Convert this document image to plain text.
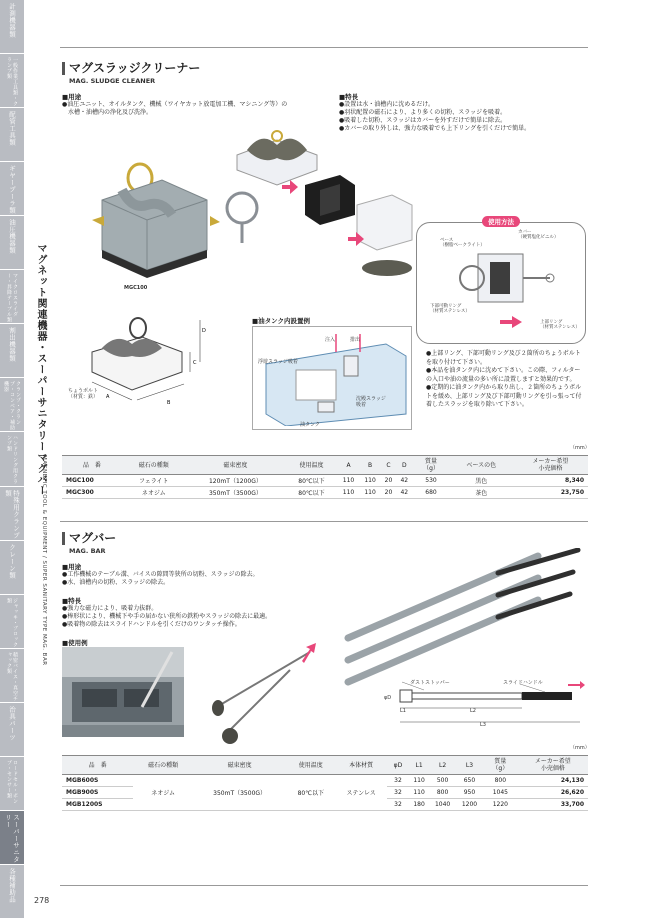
計測機器類
一般作業工具類・クランプ類
配管工具類
ギヤープーラ類
油圧機器類
マイクロスライダー・昇降テーブル類
割出機器類
クランプ・クランプ・コンベア・補助機器
ハンドリング用クランプ類
特殊用クランプ類
クレーン類
ジャッキ・ブロック類
精密バイス・真空チャック類
治具パーツ
ロードセル・ポンプ・センサー類
スーパーサニタリー
各種補助品
マグネット関連機器・スーパーサニタリーマグバー
MAGNETIC TOOL & EQUIPMENT / SUPER SANITARY TYPE MAG. BAR
マグスラッジクリーナー
MAG. SLUDGE CLEANER
■用途
●油圧ユニット、オイルタンク、機械（ワイヤカット放電加工機、マシニング等）の
　水槽・油槽内の浄化及び洗浄。
■特長
●設置は水・油槽内に沈めるだけ。
●羽状配置の磁石により、より多くの切粉、スラッジを吸着。
●吸着した切粉、スラッジはカバーを外すだけで簡単に除去。
●カバーの取り外しは、強力な吸着でも上下リングを引くだけで簡単。
MGC100
使用方法
ベース
（樹脂ベークライト）
カバー
（硬質塩化ビニル）
下部可動リング
（材質ステンレス）
上部リング
（材質ステンレス）
A
B
C
D
ちょうボルト
（材質：鉄）
■油タンク内設置例
注入	排出
浮遊スラッジ吸着
沈殿スラッジ
吸着
油タンク
●上部リング、下部可動リング及び２箇所のちょうボルトを取り付けて下さい。
●本品を油タンク内に沈めて下さい。この際、フィルターの入口や油の流量の多い所に設置しますと効果的です。
●定期的に油タンク内から取り出し、２箇所のちょうボルトを緩め、上部リング及び下部可動リングを引っ張って付着したスラッジを取り除いて下さい。
（mm）
品　番	磁石の種類	磁束密度	使用温度	A	B	C	D	質量
（g）	ベースの色	メーカー希望
小売価格
MGC100	フェライト	120mT（1200G）	80℃以下	110	110	20	42	530	黒色	8,340
MGC300	ネオジム	350mT（3500G）	80℃以下	110	110	20	42	680	茶色	23,750
マグバー
MAG. BAR
■用途
●工作機械のテーブル溝、バイスの隙間等狭所の切粉、スラッジの除去。
●水、油槽内の切粉、スラッジの除去。
■特長
●強力な磁力により、吸着力抜群。
●棒形状により、機械下や手の届かない狭所の鉄粉やスラッジの除去に最適。
●吸着物の除去はスライドハンドルを引くだけのワンタッチ操作。
■使用例
ダストストッパー	スライドハンドル
φD
L1	L2
L3
（mm）
品　番	磁石の種類	磁束密度	使用温度	本体材質	φD	L1	L2	L3	質量
（g）	メーカー希望
小売価格
MGB600S	ネオジム	350mT（3500G）	80℃以下	ステンレス	32	110	500	650	800	24,130
MGB900S					32	110	800	950	1045	26,620
MGB1200S					32	180	1040	1200	1220	33,700
278
